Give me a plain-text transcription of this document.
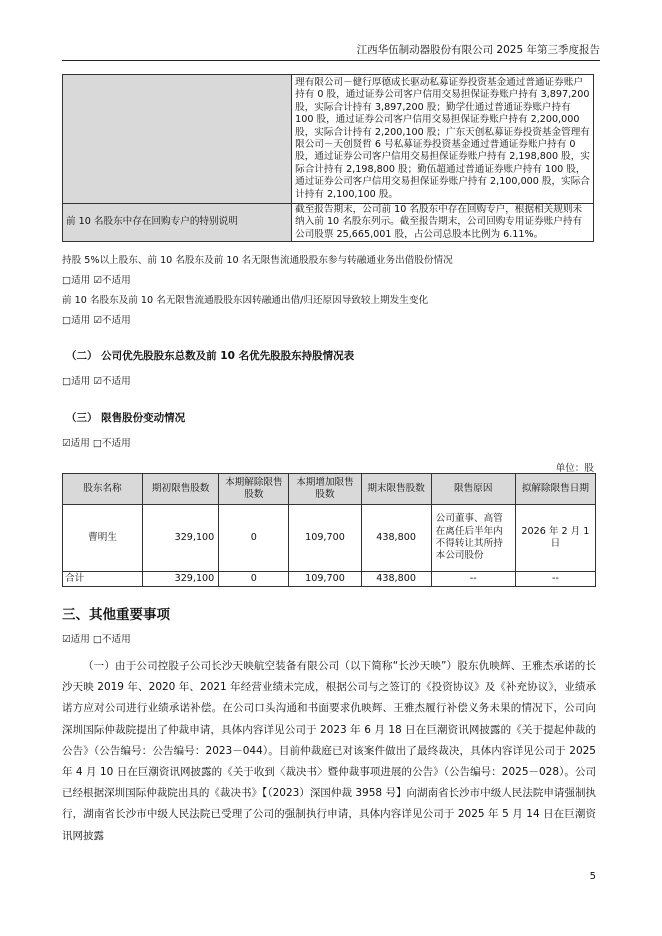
江西华伍制动器股份有限公司 2025 年第三季度报告
	理有限公司－健行厚德成长驱动私募证券投资基金通过普通证券账户持有 0 股，通过证券公司客户信用交易担保证券账户持有 3,897,200 股，实际合计持有 3,897,200 股；勤学仕通过普通证券账户持有 100 股，通过证券公司客户信用交易担保证券账户持有 2,200,000 股，实际合计持有 2,200,100 股；广东天创私募证券投资基金管理有限公司－天创贤哲 6 号私募证券投资基金通过普通证券账户持有 0 股，通过证券公司客户信用交易担保证券账户持有 2,198,800 股，实际合计持有 2,198,800 股；勤伍超通过普通证券账户持有 100 股，通过证券公司客户信用交易担保证券账户持有 2,100,000 股，实际合计持有 2,100,100 股。
前 10 名股东中存在回购专户的特别说明	截至报告期末，公司前 10 名股东中存在回购专户，根据相关规则未纳入前 10 名股东列示。截至报告期末，公司回购专用证券账户持有公司股票 25,665,001 股，占公司总股本比例为 6.11%。
持股 5%以上股东、前 10 名股东及前 10 名无限售流通股股东参与转融通业务出借股份情况
□适用 ☑不适用
前 10 名股东及前 10 名无限售流通股股东因转融通出借/归还原因导致较上期发生变化
□适用 ☑不适用
（二） 公司优先股股东总数及前 10 名优先股股东持股情况表
□适用 ☑不适用
（三） 限售股份变动情况
☑适用 □不适用
单位：股
股东名称	期初限售股数	本期解除限售股数	本期增加限售股数	期末限售股数	限售原因	拟解除限售日期
曹明生	329,100	0	109,700	438,800	公司董事、高管在离任后半年内不得转让其所持本公司股份	2026 年 2 月 1 日
合计	329,100	0	109,700	438,800	--	--
三、其他重要事项
☑适用 □不适用
（一）由于公司控股子公司长沙天映航空装备有限公司（以下简称“长沙天映”）股东仇映辉、王雅杰承诺的长沙天映 2019 年、2020 年、2021 年经营业绩未完成，根据公司与之签订的《投资协议》及《补充协议》，业绩承诺方应对公司进行业绩承诺补偿。在公司口头沟通和书面要求仇映辉、王雅杰履行补偿义务未果的情况下，公司向深圳国际仲裁院提出了仲裁申请，具体内容详见公司于 2023 年 6 月 18 日在巨潮资讯网披露的《关于提起仲裁的公告》（公告编号：公告编号：2023－044）。目前仲裁庭已对该案件做出了最终裁决，具体内容详见公司于 2025 年 4 月 10 日在巨潮资讯网披露的《关于收到〈裁决书〉暨仲裁事项进展的公告》（公告编号：2025－028）。公司已经根据深圳国际仲裁院出具的《裁决书》【（2023）深国仲裁 3958 号】向湖南省长沙市中级人民法院申请强制执行，湖南省长沙市中级人民法院已受理了公司的强制执行申请，具体内容详见公司于 2025 年 5 月 14 日在巨潮资讯网披露
5
